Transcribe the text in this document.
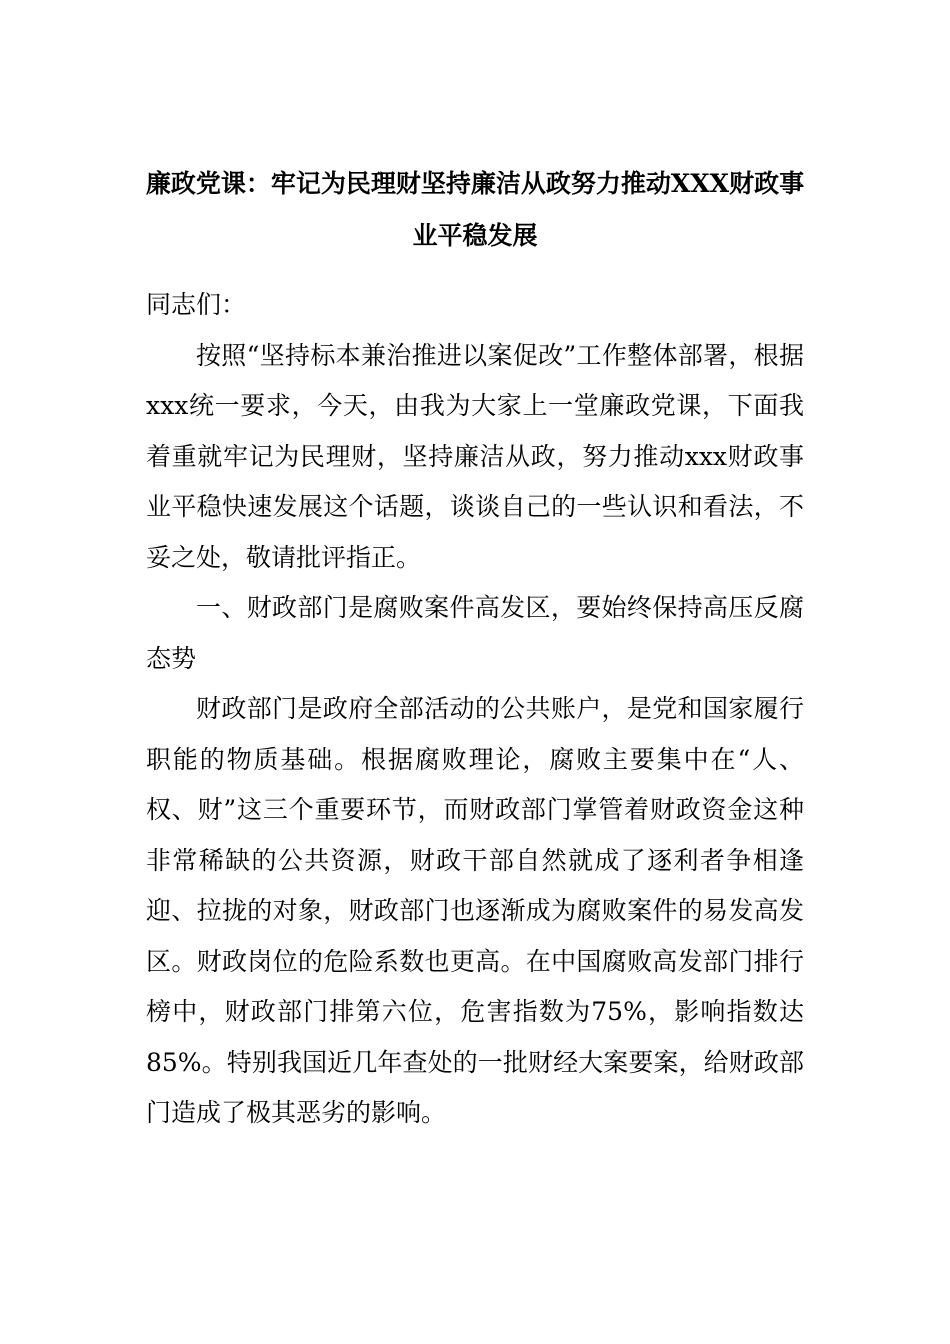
廉政党课：牢记为民理财坚持廉洁从政努力推动XXX财政事业平稳发展

同志们：

按照“坚持标本兼治推进以案促改”工作整体部署，根据xxx统一要求，今天，由我为大家上一堂廉政党课，下面我着重就牢记为民理财，坚持廉洁从政，努力推动xxx财政事业平稳快速发展这个话题，谈谈自己的一些认识和看法，不妥之处，敬请批评指正。

一、财政部门是腐败案件高发区，要始终保持高压反腐态势

财政部门是政府全部活动的公共账户，是党和国家履行职能的物质基础。根据腐败理论，腐败主要集中在“人、权、财”这三个重要环节，而财政部门掌管着财政资金这种非常稀缺的公共资源，财政干部自然就成了逐利者争相逢迎、拉拢的对象，财政部门也逐渐成为腐败案件的易发高发区。财政岗位的危险系数也更高。在中国腐败高发部门排行榜中，财政部门排第六位，危害指数为75%，影响指数达85%。特别我国近几年查处的一批财经大案要案，给财政部门造成了极其恶劣的影响。
